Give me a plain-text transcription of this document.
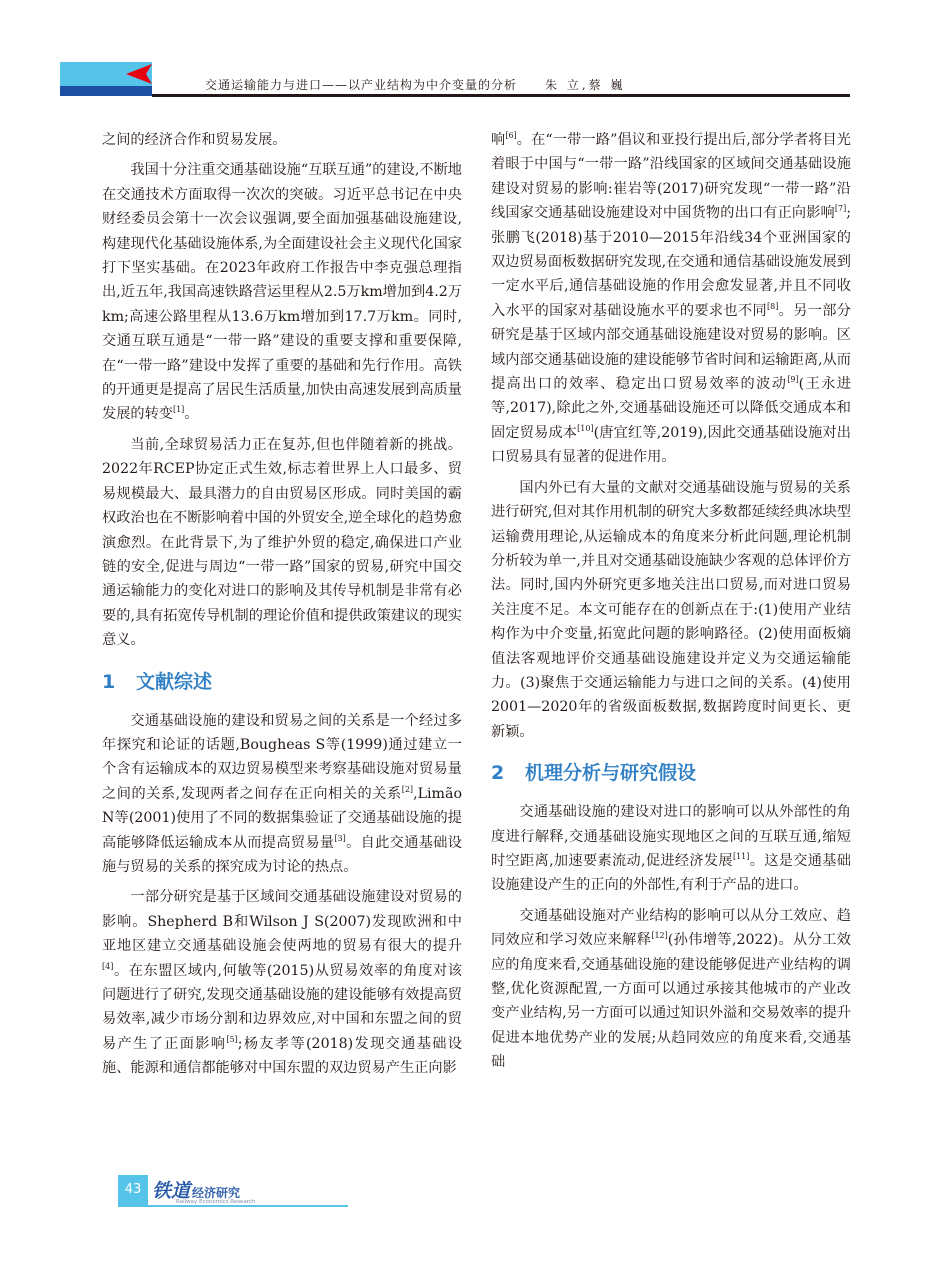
交通运输能力与进口——以产业结构为中介变量的分析 朱 立,蔡 巍

之间的经济合作和贸易发展。

我国十分注重交通基础设施“互联互通”的建设,不断地在交通技术方面取得一次次的突破。习近平总书记在中央财经委员会第十一次会议强调,要全面加强基础设施建设,构建现代化基础设施体系,为全面建设社会主义现代化国家打下坚实基础。在2023年政府工作报告中李克强总理指出,近五年,我国高速铁路营运里程从2.5万km增加到4.2万km;高速公路里程从13.6万km增加到17.7万km。同时,交通互联互通是“一带一路”建设的重要支撑和重要保障,在“一带一路”建设中发挥了重要的基础和先行作用。高铁的开通更是提高了居民生活质量,加快由高速发展到高质量发展的转变[1]。

当前,全球贸易活力正在复苏,但也伴随着新的挑战。2022年RCEP协定正式生效,标志着世界上人口最多、贸易规模最大、最具潜力的自由贸易区形成。同时美国的霸权政治也在不断影响着中国的外贸安全,逆全球化的趋势愈演愈烈。在此背景下,为了维护外贸的稳定,确保进口产业链的安全,促进与周边“一带一路”国家的贸易,研究中国交通运输能力的变化对进口的影响及其传导机制是非常有必要的,具有拓宽传导机制的理论价值和提供政策建议的现实意义。

1 文献综述

交通基础设施的建设和贸易之间的关系是一个经过多年探究和论证的话题,Bougheas S等(1999)通过建立一个含有运输成本的双边贸易模型来考察基础设施对贸易量之间的关系,发现两者之间存在正向相关的关系[2],Limão N等(2001)使用了不同的数据集验证了交通基础设施的提高能够降低运输成本从而提高贸易量[3]。自此交通基础设施与贸易的关系的探究成为讨论的热点。

一部分研究是基于区域间交通基础设施建设对贸易的影响。Shepherd B和Wilson J S(2007)发现欧洲和中亚地区建立交通基础设施会使两地的贸易有很大的提升[4]。在东盟区域内,何敏等(2015)从贸易效率的角度对该问题进行了研究,发现交通基础设施的建设能够有效提高贸易效率,减少市场分割和边界效应,对中国和东盟之间的贸易产生了正面影响[5];杨友孝等(2018)发现交通基础设施、能源和通信都能够对中国东盟的双边贸易产生正向影

响[6]。在“一带一路”倡议和亚投行提出后,部分学者将目光着眼于中国与“一带一路”沿线国家的区域间交通基础设施建设对贸易的影响:崔岩等(2017)研究发现“一带一路”沿线国家交通基础设施建设对中国货物的出口有正向影响[7];张鹏飞(2018)基于2010—2015年沿线34个亚洲国家的双边贸易面板数据研究发现,在交通和通信基础设施发展到一定水平后,通信基础设施的作用会愈发显著,并且不同收入水平的国家对基础设施水平的要求也不同[8]。另一部分研究是基于区域内部交通基础设施建设对贸易的影响。区域内部交通基础设施的建设能够节省时间和运输距离,从而提高出口的效率、稳定出口贸易效率的波动[9](王永进等,2017),除此之外,交通基础设施还可以降低交通成本和固定贸易成本[10](唐宜红等,2019),因此交通基础设施对出口贸易具有显著的促进作用。

国内外已有大量的文献对交通基础设施与贸易的关系进行研究,但对其作用机制的研究大多数都延续经典冰块型运输费用理论,从运输成本的角度来分析此问题,理论机制分析较为单一,并且对交通基础设施缺少客观的总体评价方法。同时,国内外研究更多地关注出口贸易,而对进口贸易关注度不足。本文可能存在的创新点在于:(1)使用产业结构作为中介变量,拓宽此问题的影响路径。(2)使用面板熵值法客观地评价交通基础设施建设并定义为交通运输能力。(3)聚焦于交通运输能力与进口之间的关系。(4)使用2001—2020年的省级面板数据,数据跨度时间更长、更新颖。

2 机理分析与研究假设

交通基础设施的建设对进口的影响可以从外部性的角度进行解释,交通基础设施实现地区之间的互联互通,缩短时空距离,加速要素流动,促进经济发展[11]。这是交通基础设施建设产生的正向的外部性,有利于产品的进口。

交通基础设施对产业结构的影响可以从分工效应、趋同效应和学习效应来解释[12](孙伟增等,2022)。从分工效应的角度来看,交通基础设施的建设能够促进产业结构的调整,优化资源配置,一方面可以通过承接其他城市的产业改变产业结构,另一方面可以通过知识外溢和交易效率的提升促进本地优势产业的发展;从趋同效应的角度来看,交通基础

43 铁道 经济研究
Railway Economics Research
